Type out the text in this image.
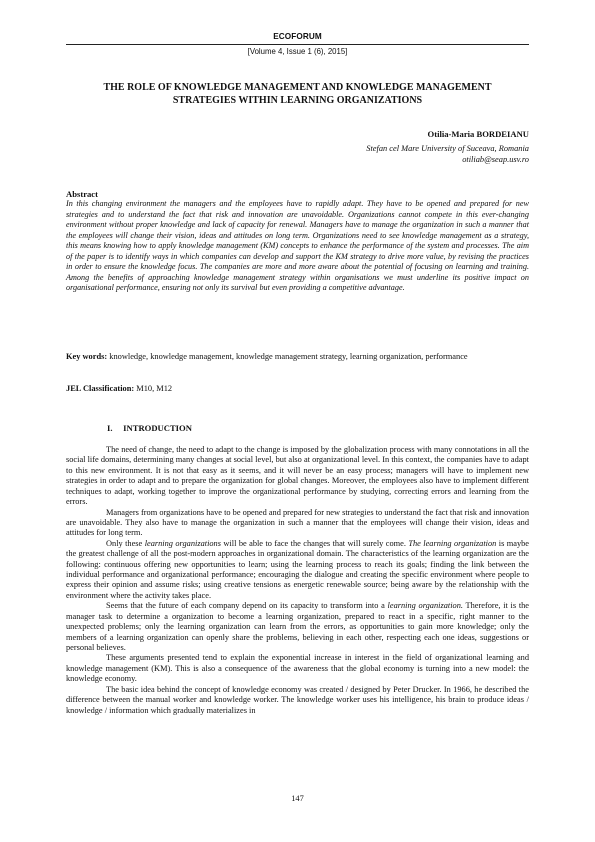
ECOFORUM
[Volume 4, Issue 1 (6), 2015]
THE ROLE OF KNOWLEDGE MANAGEMENT AND KNOWLEDGE MANAGEMENT
STRATEGIES WITHIN LEARNING ORGANIZATIONS
Otilia-Maria BORDEIANU
Stefan cel Mare University of Suceava, Romania
otiliab@seap.usv.ro
Abstract
In this changing environment the managers and the employees have to rapidly adapt. They have to be opened and prepared for new strategies and to understand the fact that risk and innovation are unavoidable. Organizations cannot compete in this ever-changing environment without proper knowledge and lack of capacity for renewal. Managers have to manage the organization in such a manner that the employees will change their vision, ideas and attitudes on long term. Organizations need to see knowledge management as a strategy, this means knowing how to apply knowledge management (KM) concepts to enhance the performance of the system and processes. The aim of the paper is to identify ways in which companies can develop and support the KM strategy to drive more value, by revising the practices in order to ensure the knowledge focus. The companies are more and more aware about the potential of focusing on learning and training. Among the benefits of approaching knowledge management strategy within organisations we must underline its positive impact on organisational performance, ensuring not only its survival but even providing a competitive advantage.
Key words: knowledge, knowledge management, knowledge management strategy, learning organization, performance
JEL Classification: M10, M12
I. INTRODUCTION

The need of change, the need to adapt to the change is imposed by the globalization process with many connotations in all the social life domains, determining many changes at social level, but also at organizational level. In this context, the companies have to adapt to this new environment. It is not that easy as it seems, and it will never be an easy process; managers will have to implement new strategies in order to adapt and to prepare the organization for global changes. Moreover, the employees also have to implement different techniques to adapt, working together to improve the organizational performance by studying, correcting errors and learning from the errors.

Managers from organizations have to be opened and prepared for new strategies to understand the fact that risk and innovation are unavoidable. They also have to manage the organization in such a manner that the employees will change their vision, ideas and attitudes for long term.

Only these learning organizations will be able to face the changes that will surely come. The learning organization is maybe the greatest challenge of all the post-modern approaches in organizational domain. The characteristics of the learning organization are the following: continuous offering new opportunities to learn; using the learning process to reach its goals; finding the link between the individual performance and organizational performance; encouraging the dialogue and creating the specific environment where people to express their opinion and assume risks; using creative tensions as energetic renewable source; being aware by the relationship with the environment where the activity takes place.

Seems that the future of each company depend on its capacity to transform into a learning organization. Therefore, it is the manager task to determine a organization to become a learning organization, prepared to react in a specific, right manner to the unexpected problems; only the learning organization can learn from the errors, as opportunities to gain more knowledge; only the members of a learning organization can openly share the problems, believing in each other, respecting each one ideas, suggestions or personal believes.

These arguments presented tend to explain the exponential increase in interest in the field of organizational learning and knowledge management (KM). This is also a consequence of the awareness that the global economy is turning into a new model: the knowledge economy.

The basic idea behind the concept of knowledge economy was created / designed by Peter Drucker. In 1966, he described the difference between the manual worker and knowledge worker. The knowledge worker uses his intelligence, his brain to produce ideas / knowledge / information which gradually materializes in

147
